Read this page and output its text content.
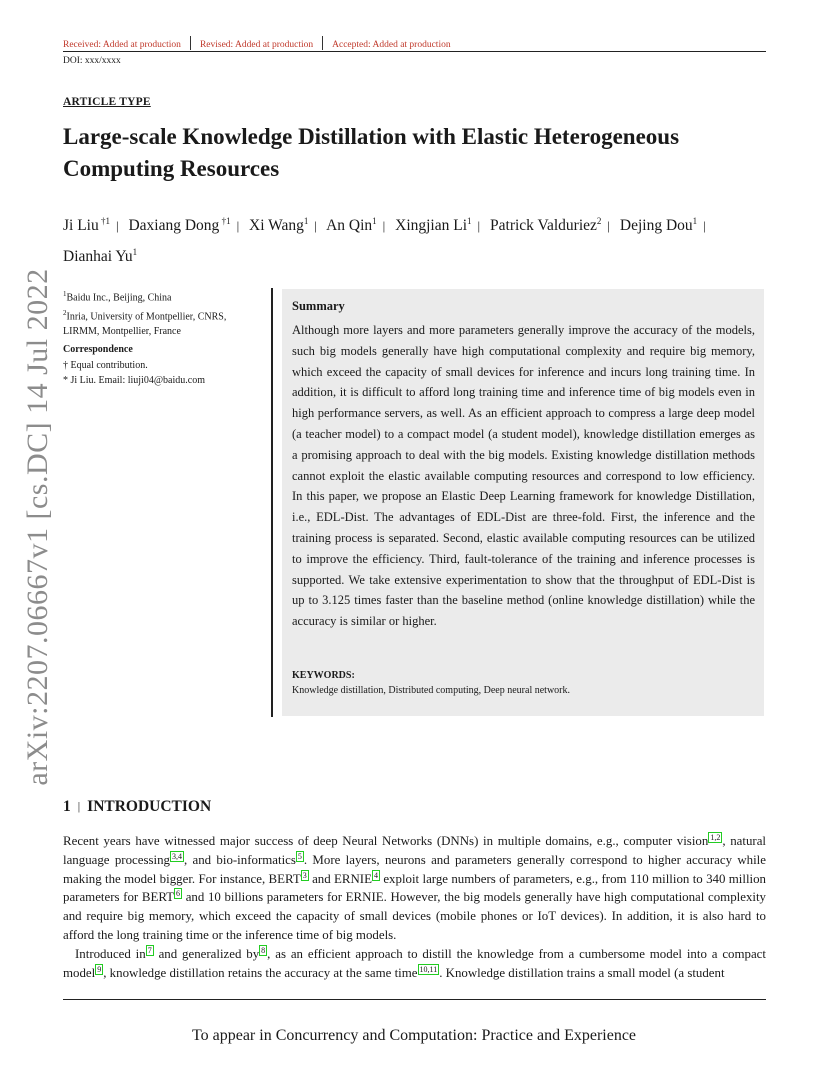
Received: Added at production Revised: Added at production Accepted: Added at production
DOI: xxx/xxxx
ARTICLE TYPE
Large-scale Knowledge Distillation with Elastic Heterogeneous Computing Resources
Ji Liu $^{\dagger 1}$ | Daxiang Dong $^{\dagger 1}$ | Xi Wang$^1$ | An Qin$^1$ | Xingjian Li$^1$ | Patrick Valduriez$^2$ | Dejing Dou$^1$ | Dianhai Yu$^1$
$^1$Baidu Inc., Beijing, China
$^2$Inria, University of Montpellier, CNRS, LIRMM, Montpellier, France
Correspondence
† Equal contribution.
* Ji Liu. Email: liuji04@baidu.com
Summary
Although more layers and more parameters generally improve the accuracy of the models, such big models generally have high computational complexity and require big memory, which exceed the capacity of small devices for inference and incurs long training time. In addition, it is difficult to afford long training time and inference time of big models even in high performance servers, as well. As an efficient approach to compress a large deep model (a teacher model) to a compact model (a student model), knowledge distillation emerges as a promising approach to deal with the big models. Existing knowledge distillation methods cannot exploit the elastic available computing resources and correspond to low efficiency. In this paper, we propose an Elastic Deep Learning framework for knowledge Distillation, i.e., EDL-Dist. The advantages of EDL-Dist are three-fold. First, the inference and the training process is separated. Second, elastic available computing resources can be utilized to improve the efficiency. Third, fault-tolerance of the training and inference processes is supported. We take extensive experimentation to show that the throughput of EDL-Dist is up to 3.125 times faster than the baseline method (online knowledge distillation) while the accuracy is similar or higher.
KEYWORDS:
Knowledge distillation, Distributed computing, Deep neural network.
arXiv:2207.06667v1 [cs.DC] 14 Jul 2022
1 | INTRODUCTION

Recent years have witnessed major success of deep Neural Networks (DNNs) in multiple domains, e.g., computer vision $^{1,2}$ , natural language processing $^{3,4}$ , and bio-informatics $^5$ . More layers, neurons and parameters generally correspond to higher accuracy while making the model bigger. For instance, BERT $^3$ and ERNIE $^4$ exploit large numbers of parameters, e.g., from 110 million to 340 million parameters for BERT $^6$ and 10 billions parameters for ERNIE. However, the big models generally have high computational complexity and require big memory, which exceed the capacity of small devices (mobile phones or IoT devices). In addition, it is also hard to afford the long training time or the inference time of big models.

Introduced in $^7$ and generalized by $^8$ , as an efficient approach to distill the knowledge from a cumbersome model into a compact model $^9$ , knowledge distillation retains the accuracy at the same time $^{10,11}$ . Knowledge distillation trains a small model (a student

To appear in Concurrency and Computation: Practice and Experience
